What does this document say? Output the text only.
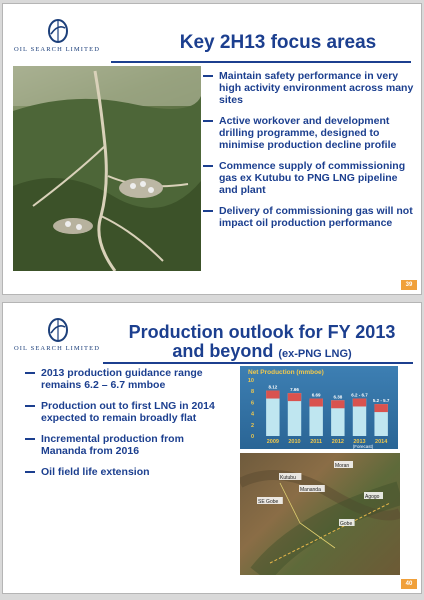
OIL SEARCH LIMITED	Key 2H13 focus areas
Maintain safety performance in very high activity environment across many sites
Active workover and development drilling programme, designed to minimise production decline profile
Commence supply of commissioning gas ex Kutubu to PNG LNG pipeline and plant
Delivery of commissioning gas will not impact oil production performance
39
OIL SEARCH LIMITED
Production outlook for FY 2013
and beyond (ex-PNG LNG)
2013 production guidance range remains 6.2 – 6.7 mmboe
Production out to first LNG in 2014 expected to remain broadly flat
Incremental production from Mananda from 2016
Oil field life extension
Net Production (mmboe)
0
2
4
6
8
10
8.12
7.66
6.69	6.38 6.2 - 6.7
5.2 - 5.7
2009 2010 2011 2012 2013 2014
(Forecast)
Kutubu
Moran
Gobe
SE Gobe
Mananda
Agogo
40
